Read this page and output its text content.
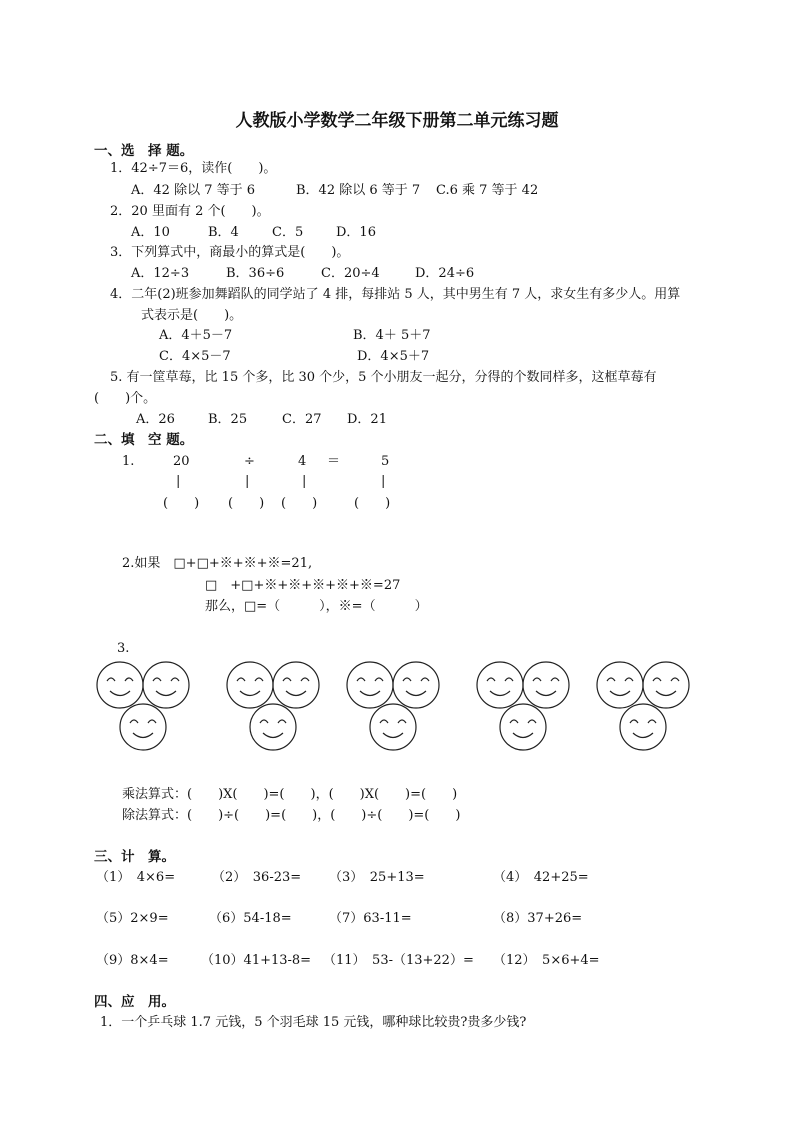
人教版小学数学二年级下册第二单元练习题
一、选　择 题。
1．42÷7＝6，读作(　　)。
A．42 除以 7 等于 6	B．42 除以 6 等于 7 C.6 乘 7 等于 42
2．20 里面有 2 个(　　)。
A．10	B．4	C．5	D．16
3．下列算式中，商最小的算式是(　　)。
A．12÷3	B．36÷6	C．20÷4	D．24÷6
4．二年(2)班参加舞蹈队的同学站了 4 排，每排站 5 人，其中男生有 7 人，求女生有多少人。用算
式表示是(　　)。
A．4＋5－7	B．4＋ 5＋7
C．4×5－7	D．4×5＋7
5. 有一筐草莓，比 15 个多，比 30 个少，5 个小朋友一起分，分得的个数同样多，这框草莓有
(　　)个。
A．26	B．25	C．27 D．21
二、填　空 题。
1.	20	÷	4 ＝	5
|	|	|	|
(　　) (　　) (　　)	(　　)
2.如果　□+□+※+※+※=21,
□　+□+※+※+※+※+※=27
那么，□=（　　　），※=（　　　）
3.
乘法算式：(　　)Ⅹ(　　)=(　　)，(　　)Ⅹ(　　)=(　　)
除法算式：(　　)÷(　　)=(　　)，(　　)÷(　　)=(　　)
三、计　算。
（1）　4×6=	（2）　36-23= （3）　25+13=	（4）　42+25=
（5）2×9=	（6）54-18=	（7）63-11=	（8）37+26=
（9）8×4= （10）41+13-8= （11）　53-（13+22）= （12）　5×6+4=
四、应　用。
1．一个乒乓球 1.7 元钱，5 个羽毛球 15 元钱，哪种球比较贵?贵多少钱?
